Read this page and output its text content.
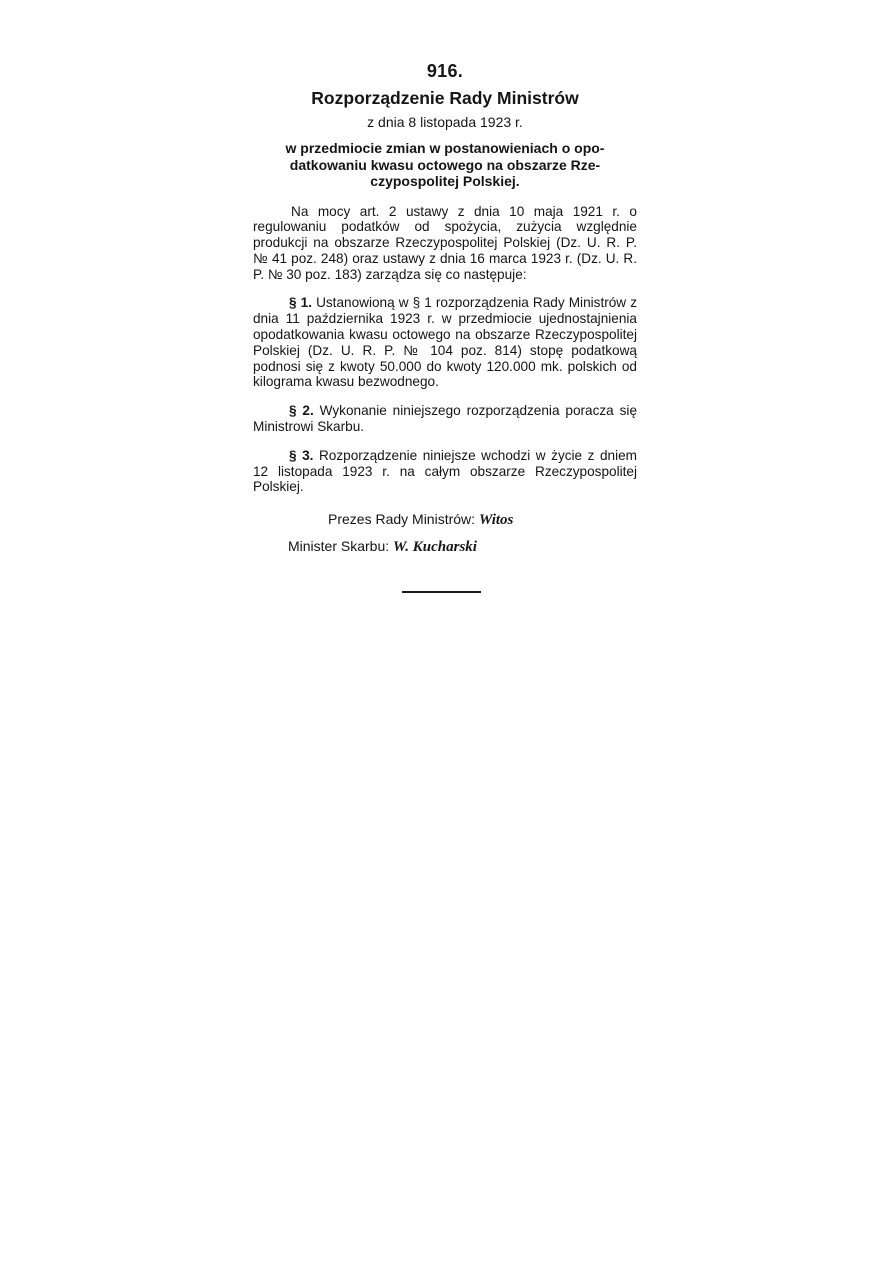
916.
Rozporządzenie Rady Ministrów
z dnia 8 listopada 1923 r.
w przedmiocie zmian w postanowieniach o opo-
datkowaniu kwasu octowego na obszarze Rze-
czypospolitej Polskiej.

Na mocy art. 2 ustawy z dnia 10 maja 1921 r. o regulowaniu podatków od spożycia, zużycia względnie produkcji na obszarze Rzeczypospolitej Polskiej (Dz. U. R. P. № 41 poz. 248) oraz ustawy z dnia 16 marca 1923 r. (Dz. U. R. P. № 30 poz. 183) zarządza się co następuje:

§ 1. Ustanowioną w § 1 rozporządzenia Rady Ministrów z dnia 11 października 1923 r. w przedmiocie ujednostajnienia opodatkowania kwasu octowego na obszarze Rzeczypospolitej Polskiej (Dz. U. R. P. № 104 poz. 814) stopę podatkową podnosi się z kwoty 50.000 do kwoty 120.000 mk. polskich od kilograma kwasu bezwodnego.

§ 2. Wykonanie niniejszego rozporządzenia poracza się Ministrowi Skarbu.

§ 3. Rozporządzenie niniejsze wchodzi w życie z dniem 12 listopada 1923 r. na całym obszarze Rzeczypospolitej Polskiej.

Prezes Rady Ministrów: Witos
Minister Skarbu: W. Kucharski
